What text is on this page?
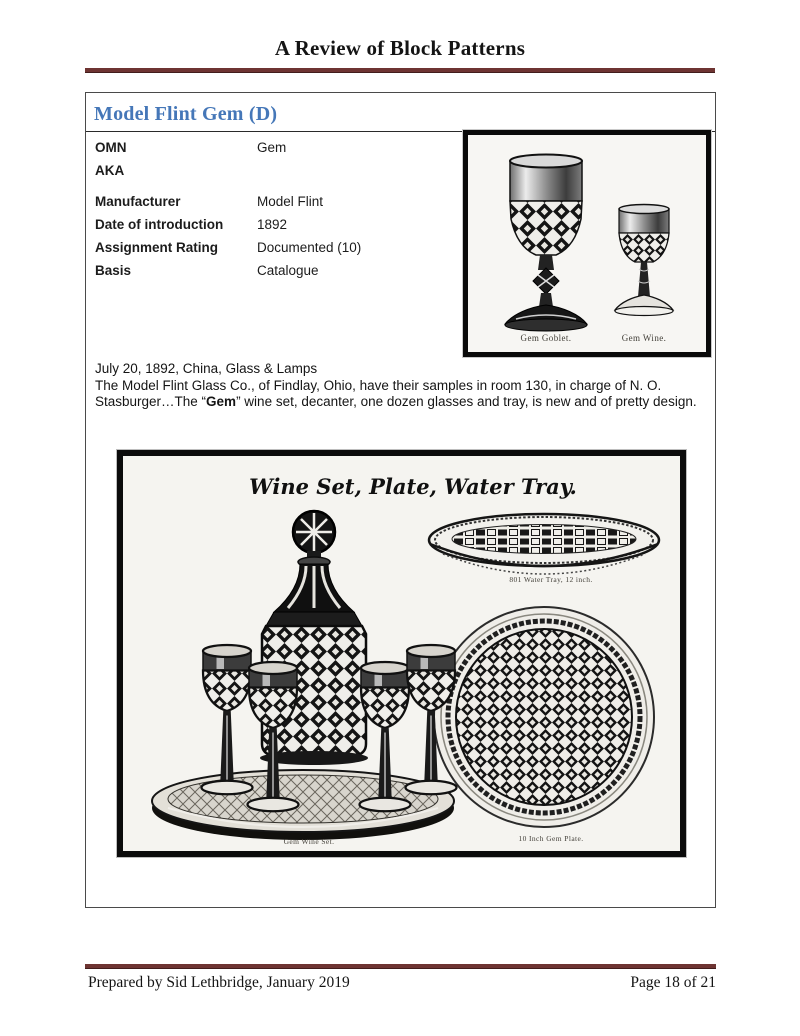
A Review of Block Patterns
Model Flint Gem (D)
OMN	Gem
AKA
Manufacturer	Model Flint
Date of introduction	1892
Assignment Rating	Documented (10)
Basis	Catalogue
Gem Goblet.	Gem Wine.
July 20, 1892, China, Glass & Lamps
The Model Flint Glass Co., of Findlay, Ohio, have their samples in room 130, in charge of N. O. Stasburger…The “Gem” wine set, decanter, one dozen glasses and tray, is new and of pretty design.
Wine Set, Plate, Water Tray.
801 Water Tray, 12 inch.
10 Inch Gem Plate.
Gem Wine Set.
Prepared by Sid Lethbridge, January 2019	Page 18 of 21
